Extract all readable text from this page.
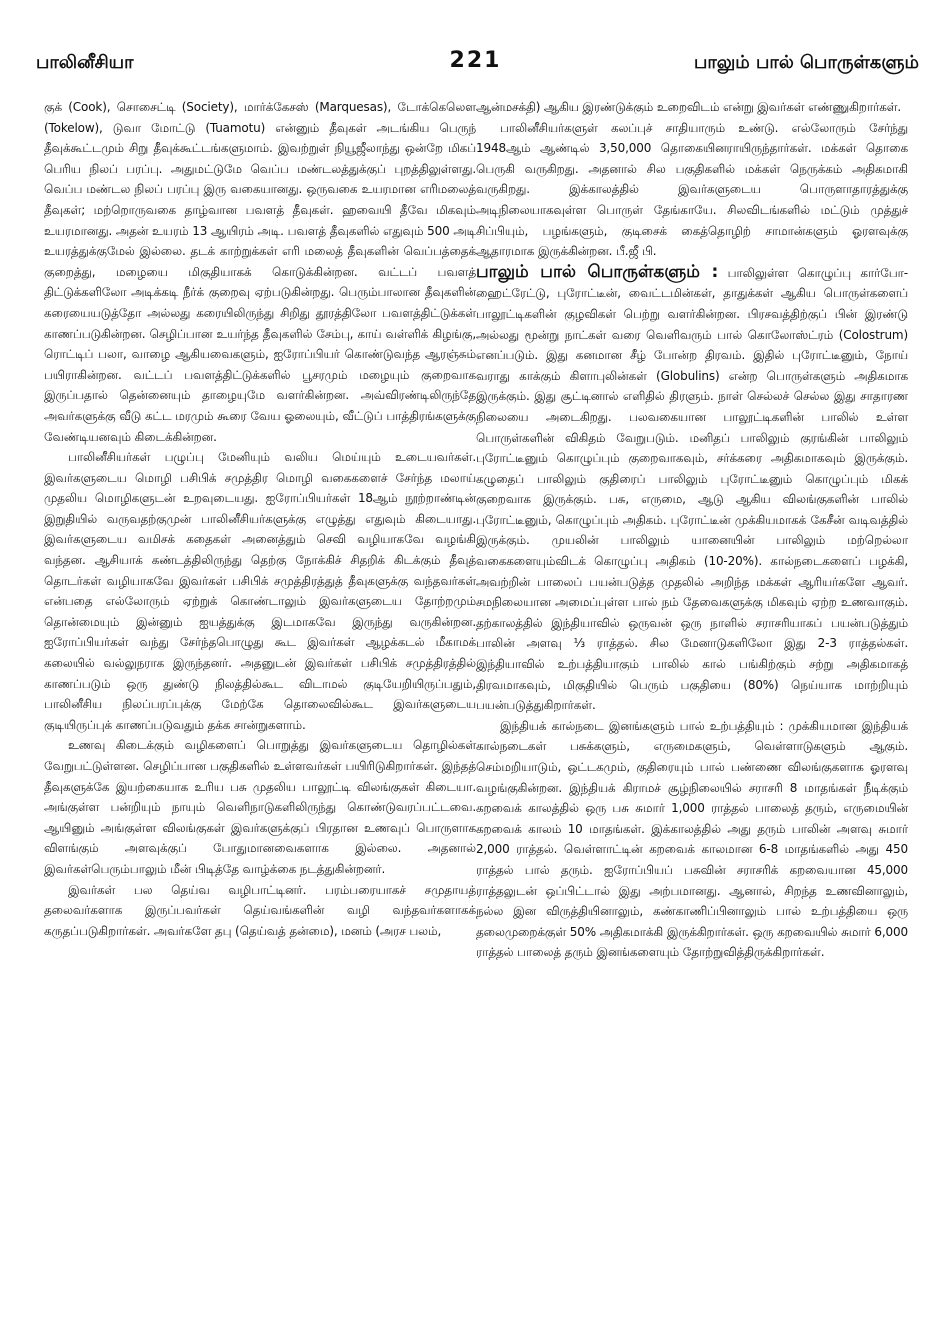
பாலினீசியா	221	பாலும் பால் பொருள்களும்

குக் (Cook), சொசைட்டி (Society), மார்க்கேசஸ் (Marquesas), டோக்கெலௌ (Tokelow), டுவா மோட்டு (Tuamotu) என்னும் தீவுகள் அடங்கிய பெருந் தீவுக்கூட்டமும் சிறு தீவுக்கூட்டங்களுமாம். இவற்றுள் நியூஜீலாந்து ஒன்றே மிகப் பெரிய நிலப் பரப்பு. அதுமட்டுமே வெப்ப மண்டலத்துக்குப் புறத்திலுள்ளது. வெப்ப மண்டல நிலப் பரப்பு இரு வகையானது. ஒருவகை உயரமான எரிமலைத் தீவுகள்; மற்றொருவகை தாழ்வான பவளத் தீவுகள். ஹவையி தீவே மிகவும் உயரமானது. அதன் உயரம் 13 ஆயிரம் அடி. பவளத் தீவுகளில் எதுவும் 500 அடி உயரத்துக்குமேல் இல்லை. தடக் காற்றுக்கள் எரி மலைத் தீவுகளின் வெப்பத்தைக் குறைத்து, மழையை மிகுதியாகக் கொடுக்கின்றன. வட்டப் பவளத் திட்டுக்களிலோ அடிக்கடி நீர்க் குறைவு ஏற்படுகின்றது. பெரும்பாலான தீவுகளின் கரையையடுத்தோ அல்லது கரையிலிருந்து சிறிது தூரத்திலோ பவளத்திட்டுக்கள் காணப்படுகின்றன. செழிப்பான உயர்ந்த தீவுகளில் சேம்பு, காய் வள்ளிக் கிழங்கு, ரொட்டிப் பலா, வாழை ஆகியவைகளும், ஐரோப்பியர் கொண்டுவந்த ஆரஞ்சும் பயிராகின்றன. வட்டப் பவளத்திட்டுக்களில் பூசரமும் மழையும் குறைவாக இருப்பதால் தென்னையும் தாழையுமே வளர்கின்றன. அவ்விரண்டிலிருந்தே அவர்களுக்கு வீடு கட்ட மரமும் கூரை வேய ஓலையும், வீட்டுப் பாத்திரங்களுக்கு வேண்டியனவும் கிடைக்கின்றன.

பாலினீசியர்கள் பழுப்பு மேனியும் வலிய மெய்யும் உடையவர்கள். இவர்களுடைய மொழி பசிபிக் சமுத்திர மொழி வகைகளைச் சேர்ந்த மலாய் முதலிய மொழிகளுடன் உறவுடையது. ஐரோப்பியர்கள் 18ஆம் நூற்றாண்டின் இறுதியில் வருவதற்குமுன் பாலினீசியர்களுக்கு எழுத்து எதுவும் கிடையாது. இவர்களுடைய வமிசக் கதைகள் அனைத்தும் செவி வழியாகவே வழங்கி வந்தன. ஆசியாக் கண்டத்திலிருந்து தெற்கு நோக்கிச் சிதறிக் கிடக்கும் தீவுத் தொடர்கள் வழியாகவே இவர்கள் பசிபிக் சமுத்திரத்துத் தீவுகளுக்கு வந்தவர்கள் என்பதை எல்லோரும் ஏற்றுக் கொண்டாலும் இவர்களுடைய தோற்றமும் தொன்மையும் இன்னும் ஐயத்துக்கு இடமாகவே இருந்து வருகின்றன. ஐரோப்பியர்கள் வந்து சேர்ந்தபொழுது கூட இவர்கள் ஆழக்கடல் மீகாமக் கலையில் வல்லுநராக இருந்தனர். அதனுடன் இவர்கள் பசிபிக் சமுத்திரத்தில் காணப்படும் ஒரு துண்டு நிலத்தில்கூட விடாமல் குடியேறியிருப்பதும், பாலினீசிய நிலப்பரப்புக்கு மேற்கே தொலைவில்கூட இவர்களுடைய குடியிருப்புக் காணப்படுவதும் தக்க சான்றுகளாம்.

உணவு கிடைக்கும் வழிகளைப் பொறுத்து இவர்களுடைய தொழில்கள் வேறுபட்டுள்ளன. செழிப்பான பகுதிகளில் உள்ளவர்கள் பயிரிடுகிறார்கள். இந்தத் தீவுகளுக்கே இயற்கையாக உரிய பசு முதலிய பாலூட்டி விலங்குகள் கிடையா. அங்குள்ள பன்றியும் நாயும் வெளிநாடுகளிலிருந்து கொண்டுவரப்பட்டவை. ஆயினும் அங்குள்ள விலங்குகள் இவர்களுக்குப் பிரதான உணவுப் பொருளாக விளங்கும் அளவுக்குப் போதுமானவைகளாக இல்லை. அதனால் இவர்கள்பெரும்பாலும் மீன் பிடித்தே வாழ்க்கை நடத்துகின்றனர்.

இவர்கள் பல தெய்வ வழிபாட்டினர். பரம்பரையாகச் சமுதாயத் தலைவர்களாக இருப்பவர்கள் தெய்வங்களின் வழி வந்தவர்களாகக் கருதப்படுகிறார்கள். அவர்களே தபு (தெய்வத் தன்மை), மனம் (அரச பலம்,

ஆன்மசக்தி) ஆகிய இரண்டுக்கும் உறைவிடம் என்று இவர்கள் எண்ணுகிறார்கள்.

பாலினீசியர்களுள் கலப்புச் சாதியாரும் உண்டு. எல்லோரும் சேர்ந்து 1948ஆம் ஆண்டில் 3,50,000 தொகையினராயிருந்தார்கள். மக்கள் தொகை பெருகி வருகிறது. அதனால் சில பகுதிகளில் மக்கள் நெருக்கம் அதிகமாகி வருகிறது. இக்காலத்தில் இவர்களுடைய பொருளாதாரத்துக்கு அடிநிலையாகவுள்ள பொருள் தேங்காயே. சிலவிடங்களில் மட்டும் முத்துச் சிப்பியும், பழங்களும், குடிசைக் கைத்தொழிற் சாமான்களும் ஓரளவுக்கு ஆதாரமாக இருக்கின்றன. பீ.ஜீ பி.

பாலும் பால் பொருள்களும் : பாலிலுள்ள கொழுப்பு கார்போ-ஹைட்ரேட்டு, புரோட்டீன், வைட்டமின்கள், தாதுக்கள் ஆகிய பொருள்களைப் பாலூட்டிகளின் குழவிகள் பெற்று வளர்கின்றன. பிரசவத்திற்குப் பின் இரண்டு அல்லது மூன்று நாட்கள் வரை வெளிவரும் பால் கொலோஸ்ட்ரம் (Colostrum) எனப்படும். இது கனமான சீழ் போன்ற திரவம். இதில் புரோட்டீனும், நோய் வராது காக்கும் கிளாபுலின்கள் (Globulins) என்ற பொருள்களும் அதிகமாக இருக்கும். இது சூட்டினால் எளிதில் திரளும். நாள் செல்லச் செல்ல இது சாதாரண நிலையை அடைகிறது. பலவகையான பாலூட்டிகளின் பாலில் உள்ள பொருள்களின் விகிதம் வேறுபடும். மனிதப் பாலிலும் குரங்கின் பாலிலும் புரோட்டீனும் கொழுப்பும் குறைவாகவும், சர்க்கரை அதிகமாகவும் இருக்கும். கழுதைப் பாலிலும் குதிரைப் பாலிலும் புரோட்டீனும் கொழுப்பும் மிகக் குறைவாக இருக்கும். பசு, எருமை, ஆடு ஆகிய விலங்குகளின் பாலில் புரோட்டீனும், கொழுப்பும் அதிகம். புரோட்டீன் முக்கியமாகக் கேசீன் வடிவத்தில் இருக்கும். முயலின் பாலிலும் யானையின் பாலிலும் மற்றெல்லா வகைகளையும்விடக் கொழுப்பு அதிகம் (10-20%). கால்நடைகளைப் பழக்கி, அவற்றின் பாலைப் பயன்படுத்த முதலில் அறிந்த மக்கள் ஆரியர்களே ஆவர். சமநிலையான அமைப்புள்ள பால் நம் தேவைகளுக்கு மிகவும் ஏற்ற உணவாகும். தற்காலத்தில் இந்தியாவில் ஒருவன் ஒரு நாளில் சராசரியாகப் பயன்படுத்தும் பாலின் அளவு ⅓ ராத்தல். சில மேனாடுகளிலோ இது 2-3 ராத்தல்கள். இந்தியாவில் உற்பத்தியாகும் பாலில் கால் பங்கிற்கும் சற்று அதிகமாகத் திரவமாகவும், மிகுதியில் பெரும் பகுதியை (80%) நெய்யாக மாற்றியும் பயன்படுத்துகிறார்கள்.

இந்தியக் கால்நடை இனங்களும் பால் உற்பத்தியும் : முக்கியமான இந்தியக் கால்நடைகள் பசுக்களும், எருமைகளும், வெள்ளாடுகளும் ஆகும். செம்மறியாடும், ஒட்டகமும், குதிரையும் பால் பண்ணை விலங்குகளாக ஓரளவு வழங்குகின்றன. இந்தியக் கிராமச் சூழ்நிலையில் சராசரி 8 மாதங்கள் நீடிக்கும் கறவைக் காலத்தில் ஒரு பசு சுமார் 1,000 ராத்தல் பாலைத் தரும், எருமையின் கறவைக் காலம் 10 மாதங்கள். இக்காலத்தில் அது தரும் பாலின் அளவு சுமார் 2,000 ராத்தல். வெள்ளாட்டின் கறவைக் காலமான 6-8 மாதங்களில் அது 450 ராத்தல் பால் தரும். ஐரோப்பியப் பசுவின் சராசரிக் கறவையான 45,000 ராத்தலுடன் ஒப்பிட்டால் இது அற்பமானது. ஆனால், சிறந்த உணவினாலும், நல்ல இன விருத்தியினாலும், கண்காணிப்பினாலும் பால் உற்பத்தியை ஒரு தலைமுறைக்குள் 50% அதிகமாக்கி இருக்கிறார்கள். ஒரு கறவையில் சுமார் 6,000 ராத்தல் பாலைத் தரும் இனங்களையும் தோற்றுவித்திருக்கிறார்கள்.
